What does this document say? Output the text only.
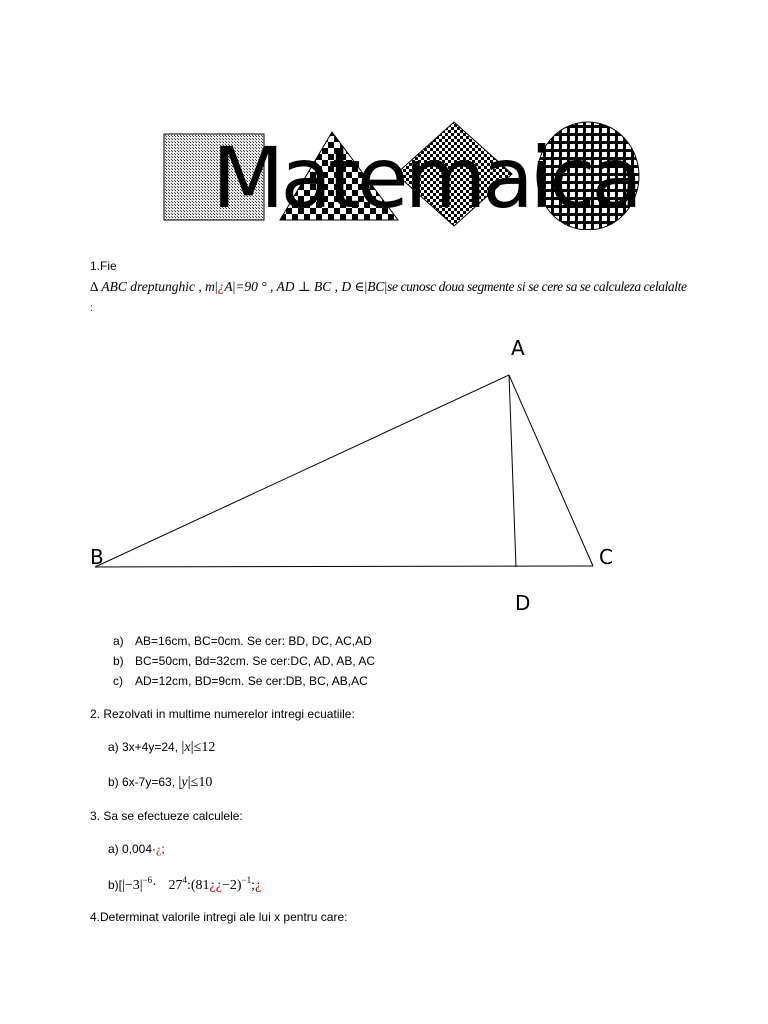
Matemaica
1.Fie
∆ ABC dreptunghic , m|¿A|=90 ° , AD ⊥ BC , D ∈|BC|se cunosc doua segmente si se cere sa se calculeza celalalte
:
A
B	C
D
a) AB=16cm, BC=0cm. Se cer: BD, DC, AC,AD
b) BC=50cm, Bd=32cm. Se cer:DC, AD, AB, AC
c) AD=12cm, BD=9cm. Se cer:DB, BC, AB,AC
2. Rezolvati in multime numerelor intregi ecuatiile:
a) 3x+4y=24, |x|≤12
b) 6x-7y=63, |y|≤10
3. Sa se efectueze calculele:
a) 0,004·¿;
$b)[|-3|^{-6}\cdot$ $27^4:(81¿¿-2)^{-1};¿$
4.Determinat valorile intregi ale lui x pentru care:
